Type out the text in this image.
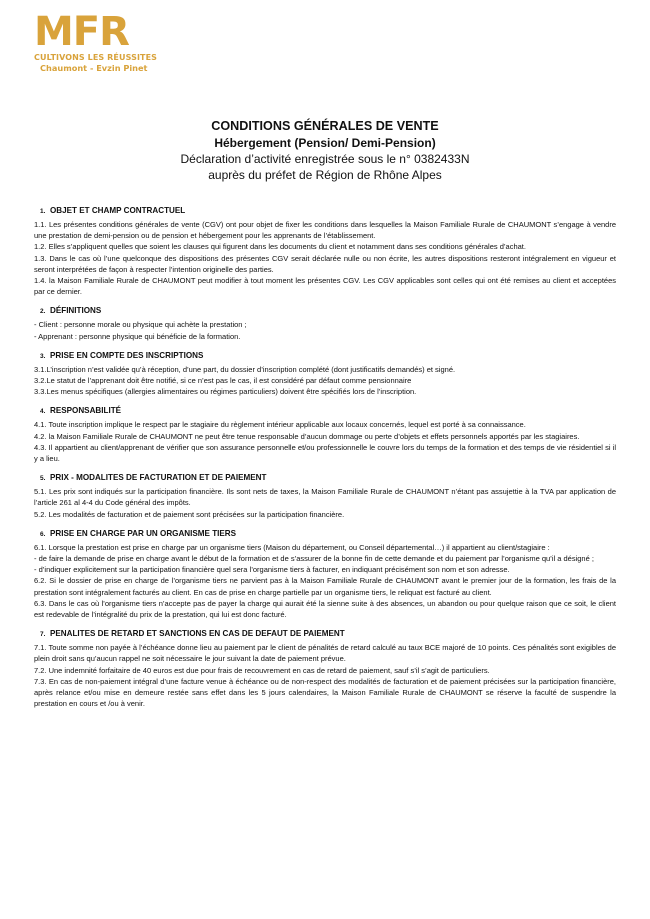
MFR
CULTIVONS LES RÉUSSITES
Chaumont - Evzin Pinet
CONDITIONS GÉNÉRALES DE VENTE
Hébergement (Pension/ Demi-Pension)
Déclaration d’activité enregistrée sous le n° 0382433N
auprès du préfet de Région de Rhône Alpes
1. OBJET ET CHAMP CONTRACTUEL
1.1. Les présentes conditions générales de vente (CGV) ont pour objet de fixer les conditions dans lesquelles la Maison Familiale Rurale de CHAUMONT s’engage à vendre une prestation de demi-pension ou de pension et hébergement pour les apprenants de l’établissement.
1.2. Elles s’appliquent quelles que soient les clauses qui figurent dans les documents du client et notamment dans ses conditions générales d’achat.
1.3. Dans le cas où l’une quelconque des dispositions des présentes CGV serait déclarée nulle ou non écrite, les autres dispositions resteront intégralement en vigueur et seront interprétées de façon à respecter l’intention originelle des parties.
1.4. la Maison Familiale Rurale de CHAUMONT peut modifier à tout moment les présentes CGV. Les CGV applicables sont celles qui ont été remises au client et acceptées par ce dernier.
2. DÉFINITIONS
- Client : personne morale ou physique qui achète la prestation ;
- Apprenant : personne physique qui bénéficie de la formation.
3. PRISE EN COMPTE DES INSCRIPTIONS
3.1.L’inscription n’est validée qu’à réception, d’une part, du dossier d’inscription complété (dont justificatifs demandés) et signé.
3.2.Le statut de l’apprenant doit être notifié, si ce n’est pas le cas, il est considéré par défaut comme pensionnaire
3.3.Les menus spécifiques (allergies alimentaires ou régimes particuliers) doivent être spécifiés lors de l’inscription.
4. RESPONSABILITÉ
4.1. Toute inscription implique le respect par le stagiaire du règlement intérieur applicable aux locaux concernés, lequel est porté à sa connaissance.
4.2. la Maison Familiale Rurale de CHAUMONT ne peut être tenue responsable d’aucun dommage ou perte d’objets et effets personnels apportés par les stagiaires.
4.3. Il appartient au client/apprenant de vérifier que son assurance personnelle et/ou professionnelle le couvre lors du temps de la formation et des temps de vie résidentiel si il y a lieu.
5. PRIX - MODALITES DE FACTURATION ET DE PAIEMENT
5.1. Les prix sont indiqués sur la participation financière. Ils sont nets de taxes, la Maison Familiale Rurale de CHAUMONT n’étant pas assujettie à la TVA par application de l’article 261 al 4-4 du Code général des impôts.
5.2. Les modalités de facturation et de paiement sont précisées sur la participation financière.
6. PRISE EN CHARGE PAR UN ORGANISME TIERS
6.1. Lorsque la prestation est prise en charge par un organisme tiers (Maison du département, ou Conseil départemental…) il appartient au client/stagiaire :
- de faire la demande de prise en charge avant le début de la formation et de s’assurer de la bonne fin de cette demande et du paiement par l’organisme qu’il a désigné ;
- d’indiquer explicitement sur la participation financière quel sera l’organisme tiers à facturer, en indiquant précisément son nom et son adresse.
6.2. Si le dossier de prise en charge de l’organisme tiers ne parvient pas à la Maison Familiale Rurale de CHAUMONT avant le premier jour de la formation, les frais de la prestation sont intégralement facturés au client. En cas de prise en charge partielle par un organisme tiers, le reliquat est facturé au client.
6.3. Dans le cas où l’organisme tiers n’accepte pas de payer la charge qui aurait été la sienne suite à des absences, un abandon ou pour quelque raison que ce soit, le client est redevable de l’intégralité du prix de la prestation, qui lui est donc facturé.
7. PENALITES DE RETARD ET SANCTIONS EN CAS DE DEFAUT DE PAIEMENT
7.1. Toute somme non payée à l’échéance donne lieu au paiement par le client de pénalités de retard calculé au taux BCE majoré de 10 points. Ces pénalités sont exigibles de plein droit sans qu’aucun rappel ne soit nécessaire le jour suivant la date de paiement prévue.
7.2. Une indemnité forfaitaire de 40 euros est due pour frais de recouvrement en cas de retard de paiement, sauf s’il s’agit de particuliers.
7.3. En cas de non-paiement intégral d’une facture venue à échéance ou de non-respect des modalités de facturation et de paiement précisées sur la participation financière, après relance et/ou mise en demeure restée sans effet dans les 5 jours calendaires, la Maison Familiale Rurale de CHAUMONT se réserve la faculté de suspendre la prestation en cours et /ou à venir.
